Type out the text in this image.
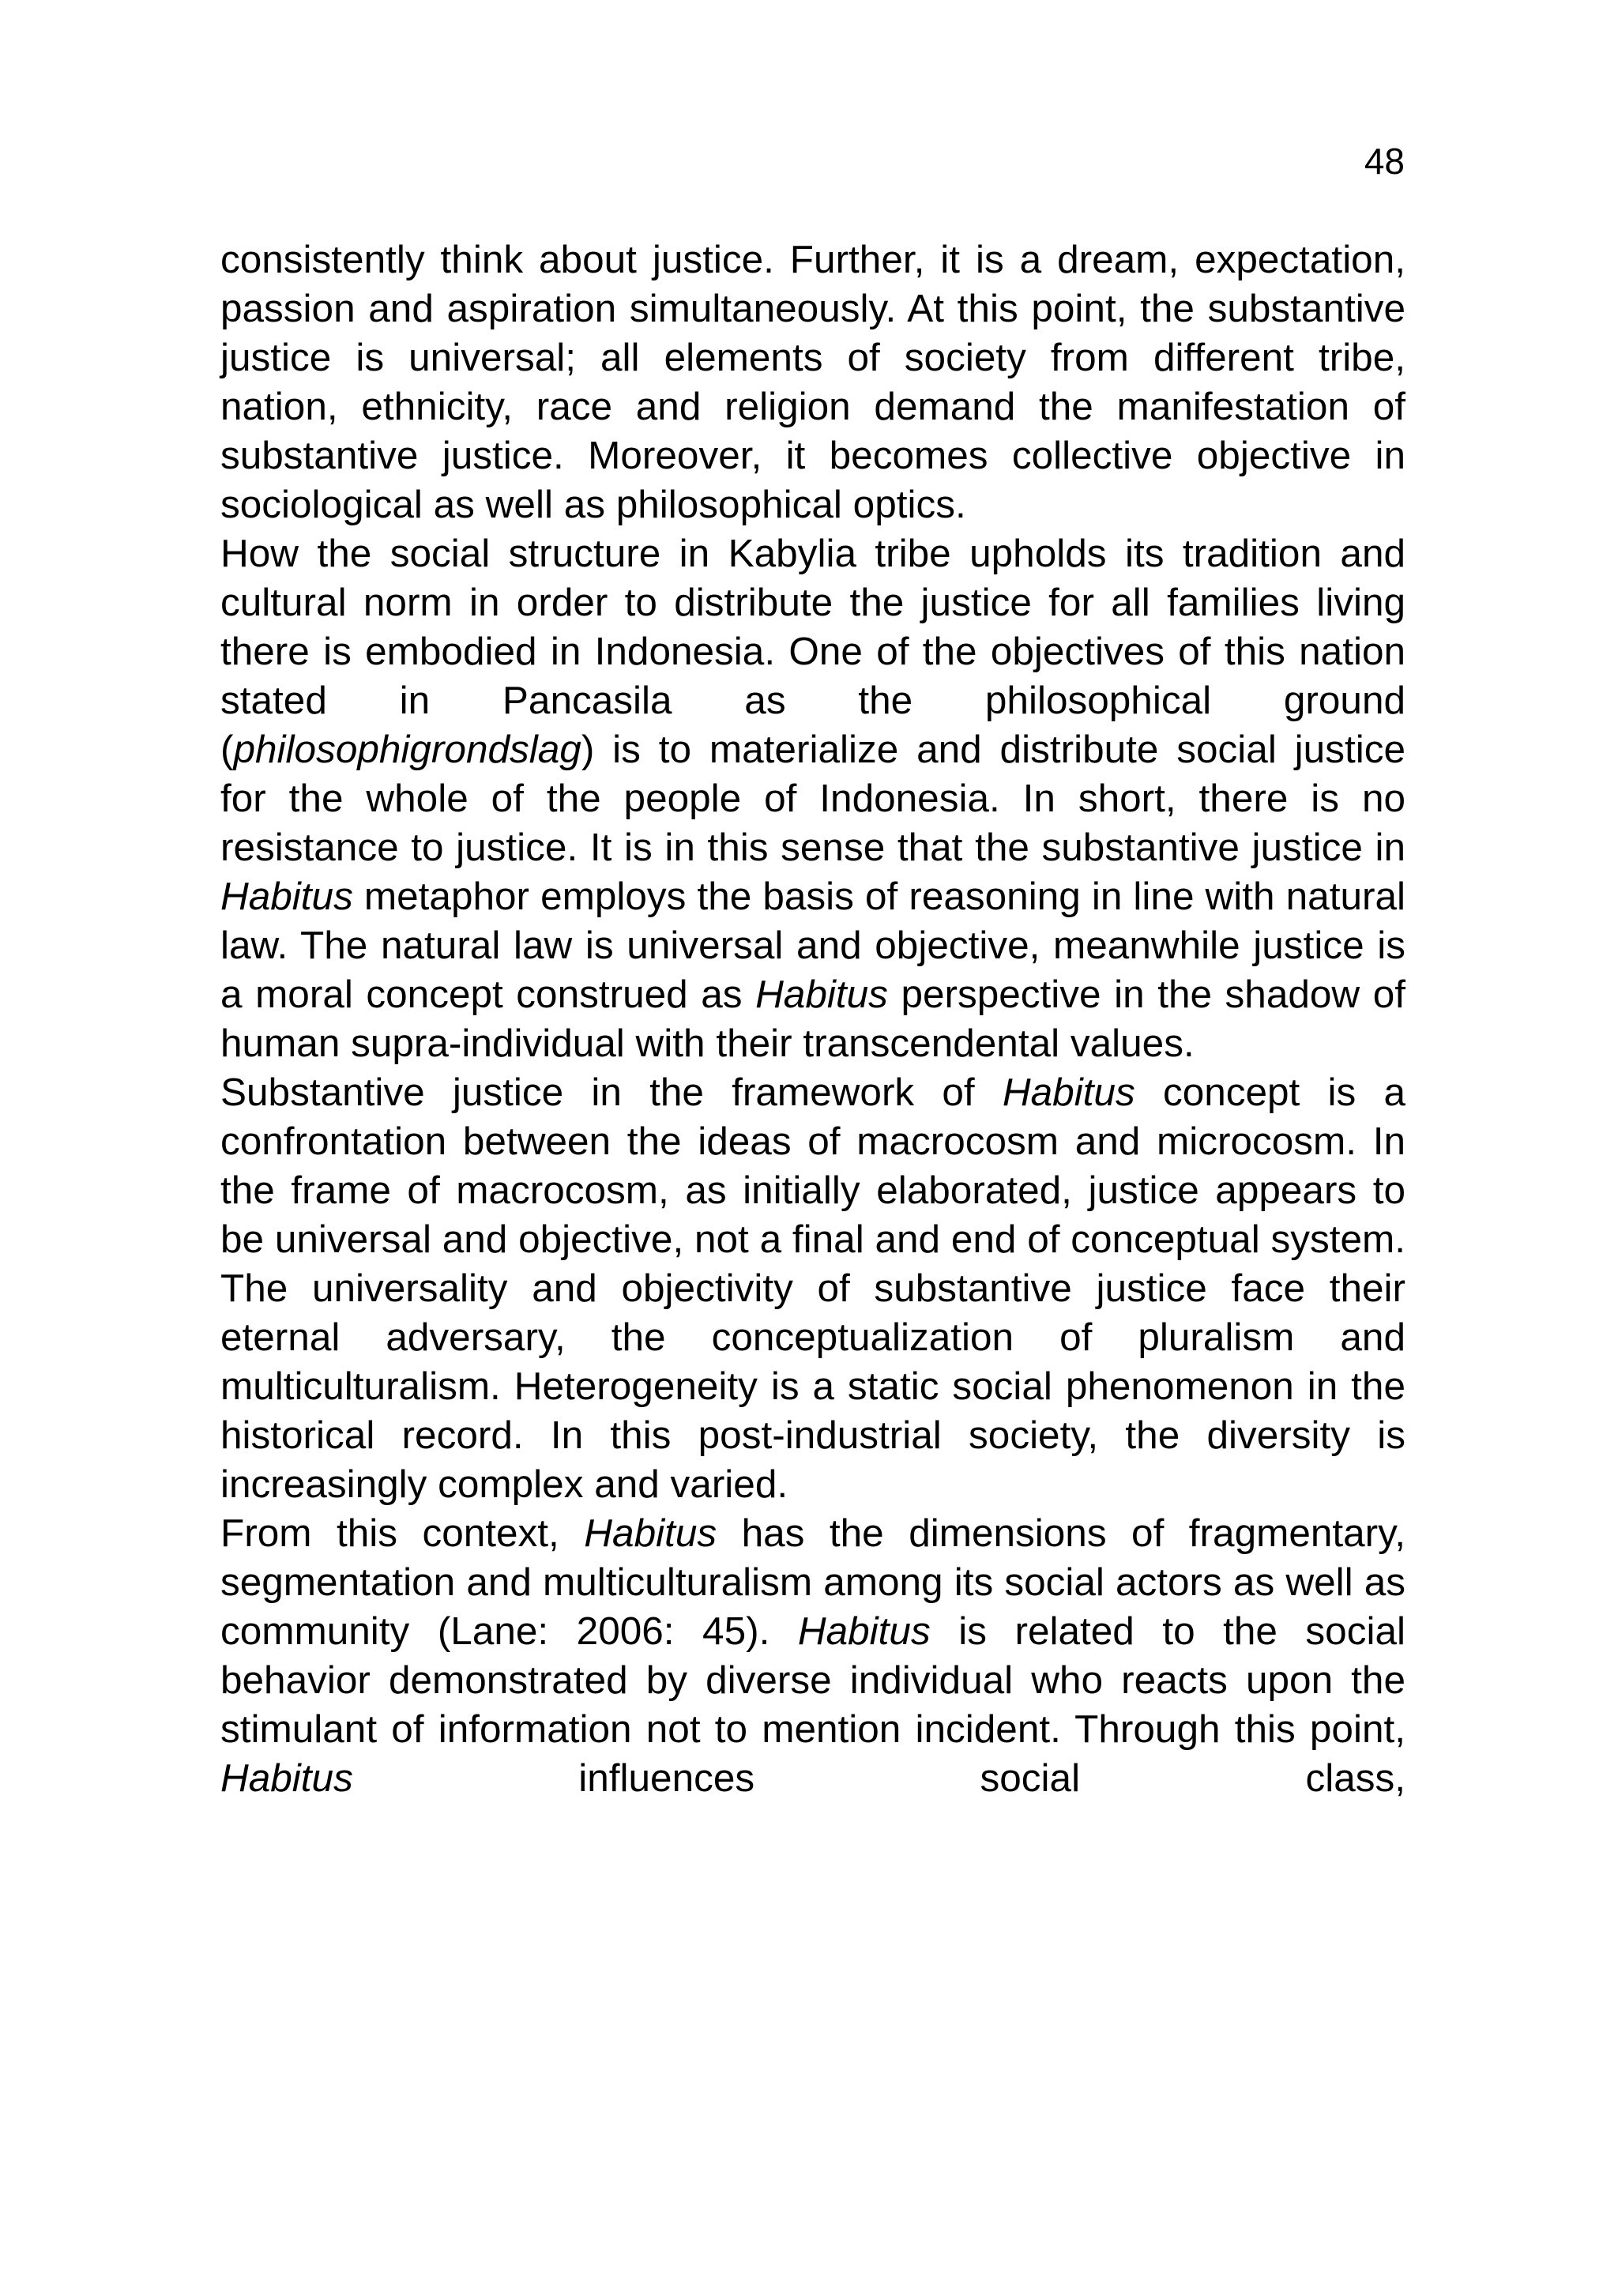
48

consistently think about justice. Further, it is a dream, expectation, passion and aspiration simultaneously. At this point, the substantive justice is universal; all elements of society from different tribe, nation, ethnicity, race and religion demand the manifestation of substantive justice. Moreover, it becomes collective objective in sociological as well as philosophical optics.

How the social structure in Kabylia tribe upholds its tradition and cultural norm in order to distribute the justice for all families living there is embodied in Indonesia. One of the objectives of this nation stated in Pancasila as the philosophical ground (philosophigrondslag) is to materialize and distribute social justice for the whole of the people of Indonesia. In short, there is no resistance to justice. It is in this sense that the substantive justice in Habitus metaphor employs the basis of reasoning in line with natural law. The natural law is universal and objective, meanwhile justice is a moral concept construed as Habitus perspective in the shadow of human supra-individual with their transcendental values.

Substantive justice in the framework of Habitus concept is a confrontation between the ideas of macrocosm and microcosm. In the frame of macrocosm, as initially elaborated, justice appears to be universal and objective, not a final and end of conceptual system. The universality and objectivity of substantive justice face their eternal adversary, the conceptualization of pluralism and multiculturalism. Heterogeneity is a static social phenomenon in the historical record. In this post-industrial society, the diversity is increasingly complex and varied.

From this context, Habitus has the dimensions of fragmentary, segmentation and multiculturalism among its social actors as well as community (Lane: 2006: 45). Habitus is related to the social behavior demonstrated by diverse individual who reacts upon the stimulant of information not to mention incident. Through this point, Habitus influences social class,
